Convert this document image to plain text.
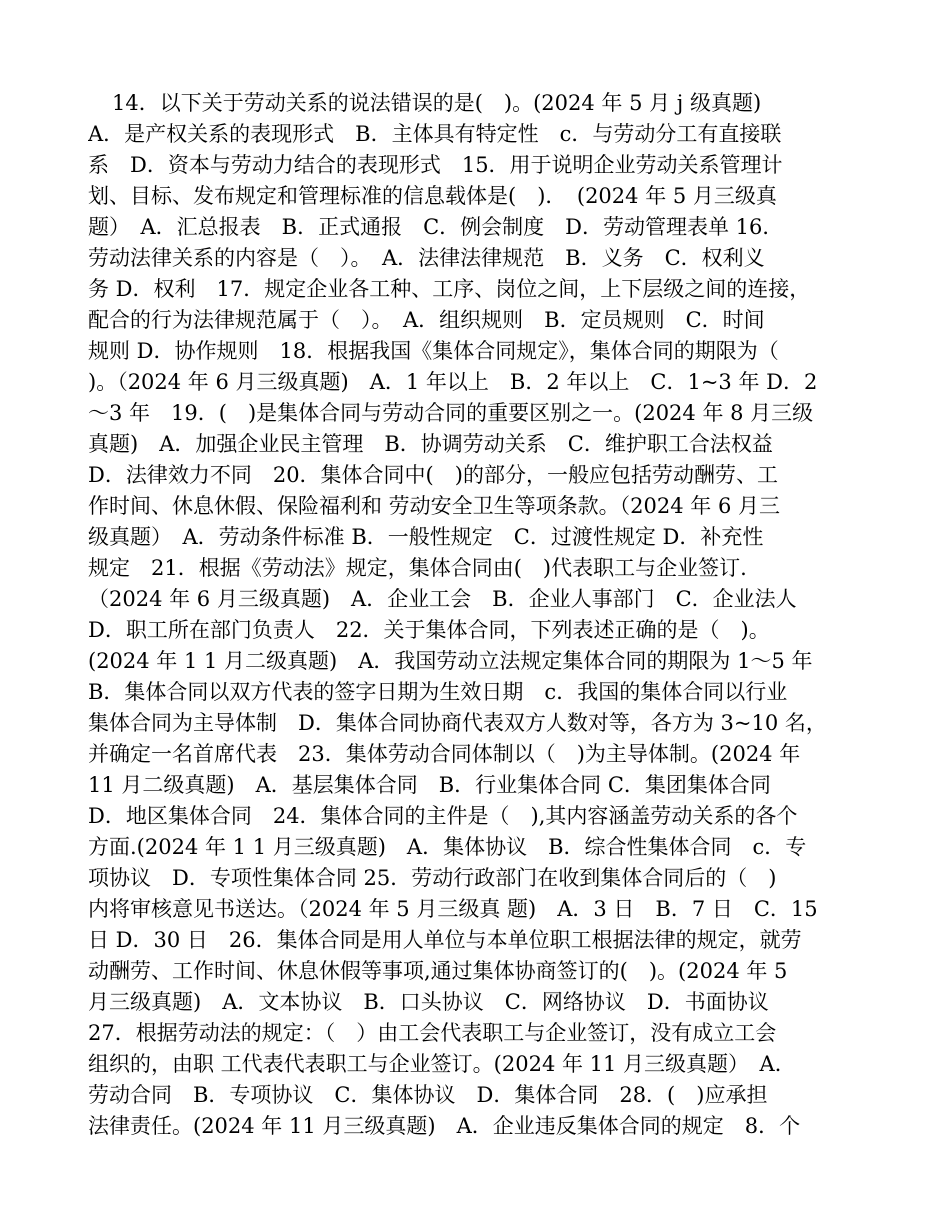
14．以下关于劳动关系的说法错误的是(　)。(2024 年 5 月 j 级真题)
A．是产权关系的表现形式　B．主体具有特定性　c．与劳动分工有直接联
系　D．资本与劳动力结合的表现形式　15．用于说明企业劳动关系管理计
划、目标、发布规定和管理标准的信息载体是(　)．　(2024 年 5 月三级真
题）　A．汇总报表　B．正式通报　C．例会制度　D．劳动管理表单 16．
劳动法律关系的内容是（　）。　A．法律法律规范　B．义务　C．权利义
务 D．权利　17．规定企业各工种、工序、岗位之间，上下层级之间的连接，
配合的行为法律规范属于（　）。　A．组织规则　B．定员规则　C．时间
规则 D．协作规则　18．根据我国《集体合同规定》，集体合同的期限为（
)。（2024 年 6 月三级真题)　A．1 年以上　B．2 年以上　C．1~3 年 D．2
～3 年　19．(　)是集体合同与劳动合同的重要区别之一。(2024 年 8 月三级
真题)　A．加强企业民主管理　B．协调劳动关系　C．维护职工合法权益
D．法律效力不同　20．集体合同中(　)的部分，一般应包括劳动酬劳、工
作时间、休息休假、保险福利和 劳动安全卫生等项条款。（2024 年 6 月三
级真题）　A．劳动条件标准 B．一般性规定　C．过渡性规定 D．补充性
规定　21．根据《劳动法》规定，集体合同由(　)代表职工与企业签订.
（2024 年 6 月三级真题)　A．企业工会　B．企业人事部门　C．企业法人
D．职工所在部门负责人　22．关于集体合同，下列表述正确的是（　)。
(2024 年 1 1 月二级真题)　A．我国劳动立法规定集体合同的期限为 1～5 年
B．集体合同以双方代表的签字日期为生效日期　c．我国的集体合同以行业
集体合同为主导体制　D．集体合同协商代表双方人数对等，各方为 3~10 名，
并确定一名首席代表　23．集体劳动合同体制以（　)为主导体制。(2024 年
11 月二级真题)　A．基层集体合同　B．行业集体合同 C．集团集体合同
D．地区集体合同　24．集体合同的主件是（　),其内容涵盖劳动关系的各个
方面.(2024 年 1 1 月三级真题)　A．集体协议　B．综合性集体合同　c．专
项协议　D．专项性集体合同 25．劳动行政部门在收到集体合同后的（　)
内将审核意见书送达。（2024 年 5 月三级真 题)　A．3 日　B．7 日　C．15
日 D．30 日　26．集体合同是用人单位与本单位职工根据法律的规定，就劳
动酬劳、工作时间、休息休假等事项,通过集体协商签订的(　)。(2024 年 5
月三级真题)　A．文本协议　B．口头协议　C．网络协议　D．书面协议
27．根据劳动法的规定：（　）由工会代表职工与企业签订，没有成立工会
组织的，由职 工代表代表职工与企业签订。(2024 年 11 月三级真题）　A．
劳动合同　B．专项协议　C．集体协议　D．集体合同　28．(　)应承担
法律责任。(2024 年 11 月三级真题)　A．企业违反集体合同的规定　8．个
